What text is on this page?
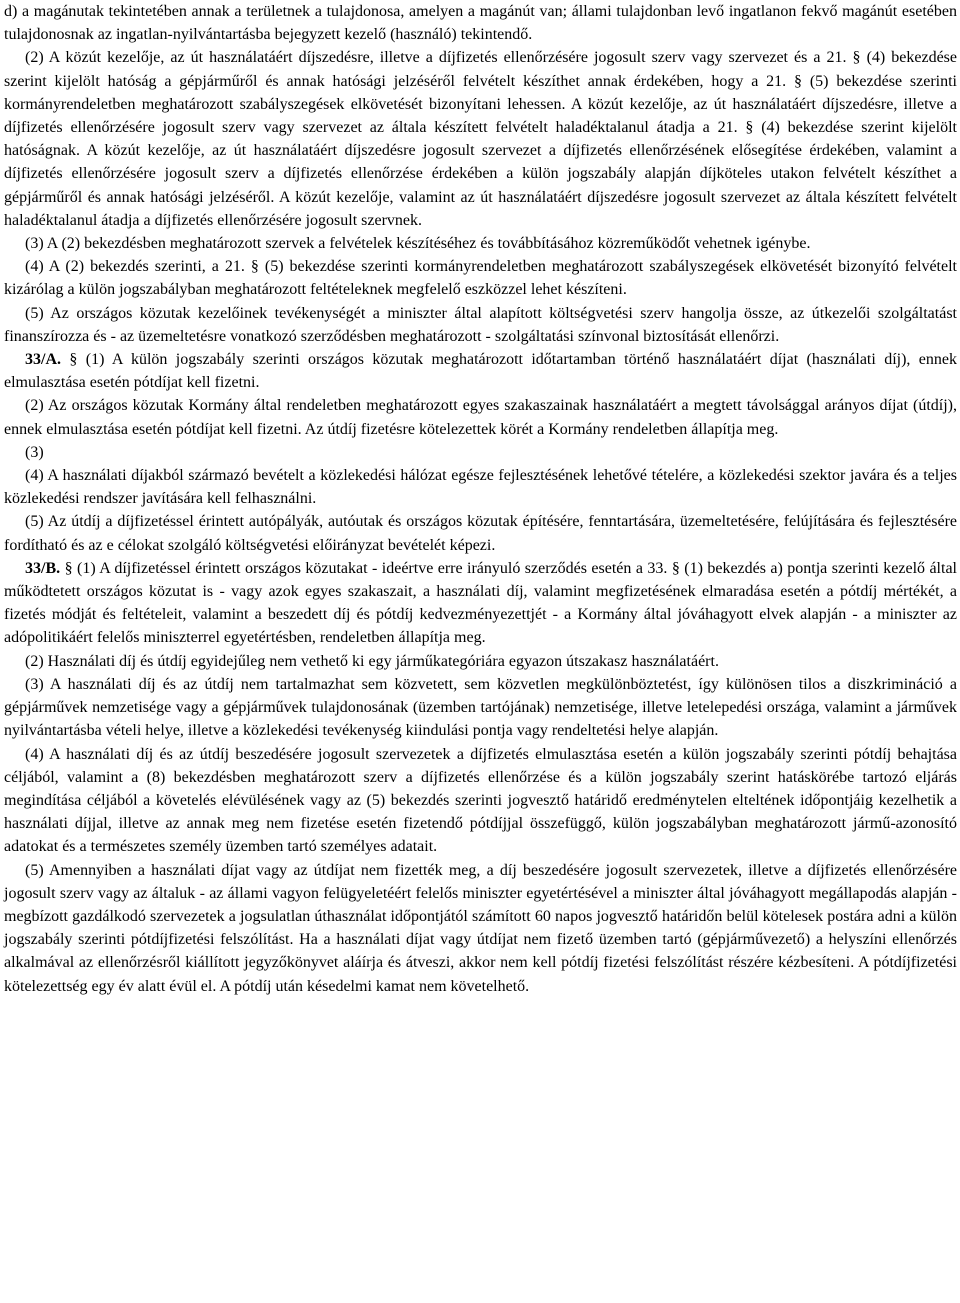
d) a magánutak tekintetében annak a területnek a tulajdonosa, amelyen a magánút van; állami tulajdonban levő ingatlanon fekvő magánút esetében tulajdonosnak az ingatlan-nyilvántartásba bejegyzett kezelő (használó) tekintendő.

(2) A közút kezelője, az út használatáért díjszedésre, illetve a díjfizetés ellenőrzésére jogosult szerv vagy szervezet és a 21. § (4) bekezdése szerint kijelölt hatóság a gépjárműről és annak hatósági jelzéséről felvételt készíthet annak érdekében, hogy a 21. § (5) bekezdése szerinti kormányrendeletben meghatározott szabályszegések elkövetését bizonyítani lehessen. A közút kezelője, az út használatáért díjszedésre, illetve a díjfizetés ellenőrzésére jogosult szerv vagy szervezet az általa készített felvételt haladéktalanul átadja a 21. § (4) bekezdése szerint kijelölt hatóságnak. A közút kezelője, az út használatáért díjszedésre jogosult szervezet a díjfizetés ellenőrzésének elősegítése érdekében, valamint a díjfizetés ellenőrzésére jogosult szerv a díjfizetés ellenőrzése érdekében a külön jogszabály alapján díjköteles utakon felvételt készíthet a gépjárműről és annak hatósági jelzéséről. A közút kezelője, valamint az út használatáért díjszedésre jogosult szervezet az általa készített felvételt haladéktalanul átadja a díjfizetés ellenőrzésére jogosult szervnek.

(3) A (2) bekezdésben meghatározott szervek a felvételek készítéséhez és továbbításához közreműködőt vehetnek igénybe.

(4) A (2) bekezdés szerinti, a 21. § (5) bekezdése szerinti kormányrendeletben meghatározott szabályszegések elkövetését bizonyító felvételt kizárólag a külön jogszabályban meghatározott feltételeknek megfelelő eszközzel lehet készíteni.

(5) Az országos közutak kezelőinek tevékenységét a miniszter által alapított költségvetési szerv hangolja össze, az útkezelői szolgáltatást finanszírozza és - az üzemeltetésre vonatkozó szerződésben meghatározott - szolgáltatási színvonal biztosítását ellenőrzi.

33/A. § (1) A külön jogszabály szerinti országos közutak meghatározott időtartamban történő használatáért díjat (használati díj), ennek elmulasztása esetén pótdíjat kell fizetni.

(2) Az országos közutak Kormány által rendeletben meghatározott egyes szakaszainak használatáért a megtett távolsággal arányos díjat (útdíj), ennek elmulasztása esetén pótdíjat kell fizetni. Az útdíj fizetésre kötelezettek körét a Kormány rendeletben állapítja meg.

(3)

(4) A használati díjakból származó bevételt a közlekedési hálózat egésze fejlesztésének lehetővé tételére, a közlekedési szektor javára és a teljes közlekedési rendszer javítására kell felhasználni.

(5) Az útdíj a díjfizetéssel érintett autópályák, autóutak és országos közutak építésére, fenntartására, üzemeltetésére, felújítására és fejlesztésére fordítható és az e célokat szolgáló költségvetési előirányzat bevételét képezi.

33/B. § (1) A díjfizetéssel érintett országos közutakat - ideértve erre irányuló szerződés esetén a 33. § (1) bekezdés a) pontja szerinti kezelő által működtetett országos közutat is - vagy azok egyes szakaszait, a használati díj, valamint megfizetésének elmaradása esetén a pótdíj mértékét, a fizetés módját és feltételeit, valamint a beszedett díj és pótdíj kedvezményezettjét - a Kormány által jóváhagyott elvek alapján - a miniszter az adópolitikáért felelős miniszterrel egyetértésben, rendeletben állapítja meg.

(2) Használati díj és útdíj egyidejűleg nem vethető ki egy járműkategóriára egyazon útszakasz használatáért.

(3) A használati díj és az útdíj nem tartalmazhat sem közvetett, sem közvetlen megkülönböztetést, így különösen tilos a diszkrimináció a gépjárművek nemzetisége vagy a gépjárművek tulajdonosának (üzemben tartójának) nemzetisége, illetve letelepedési országa, valamint a járművek nyilvántartásba vételi helye, illetve a közlekedési tevékenység kiindulási pontja vagy rendeltetési helye alapján.

(4) A használati díj és az útdíj beszedésére jogosult szervezetek a díjfizetés elmulasztása esetén a külön jogszabály szerinti pótdíj behajtása céljából, valamint a (8) bekezdésben meghatározott szerv a díjfizetés ellenőrzése és a külön jogszabály szerint hatáskörébe tartozó eljárás megindítása céljából a követelés elévülésének vagy az (5) bekezdés szerinti jogvesztő határidő eredménytelen elteltének időpontjáig kezelhetik a használati díjjal, illetve az annak meg nem fizetése esetén fizetendő pótdíjjal összefüggő, külön jogszabályban meghatározott jármű-azonosító adatokat és a természetes személy üzemben tartó személyes adatait.

(5) Amennyiben a használati díjat vagy az útdíjat nem fizették meg, a díj beszedésére jogosult szervezetek, illetve a díjfizetés ellenőrzésére jogosult szerv vagy az általuk - az állami vagyon felügyeletéért felelős miniszter egyetértésével a miniszter által jóváhagyott megállapodás alapján - megbízott gazdálkodó szervezetek a jogsulatlan úthasználat időpontjától számított 60 napos jogvesztő határidőn belül kötelesek postára adni a külön jogszabály szerinti pótdíjfizetési felszólítást. Ha a használati díjat vagy útdíjat nem fizető üzemben tartó (gépjárművezető) a helyszíni ellenőrzés alkalmával az ellenőrzésről kiállított jegyzőkönyvet aláírja és átveszi, akkor nem kell pótdíj fizetési felszólítást részére kézbesíteni. A pótdíjfizetési kötelezettség egy év alatt évül el. A pótdíj után késedelmi kamat nem követelhető.
